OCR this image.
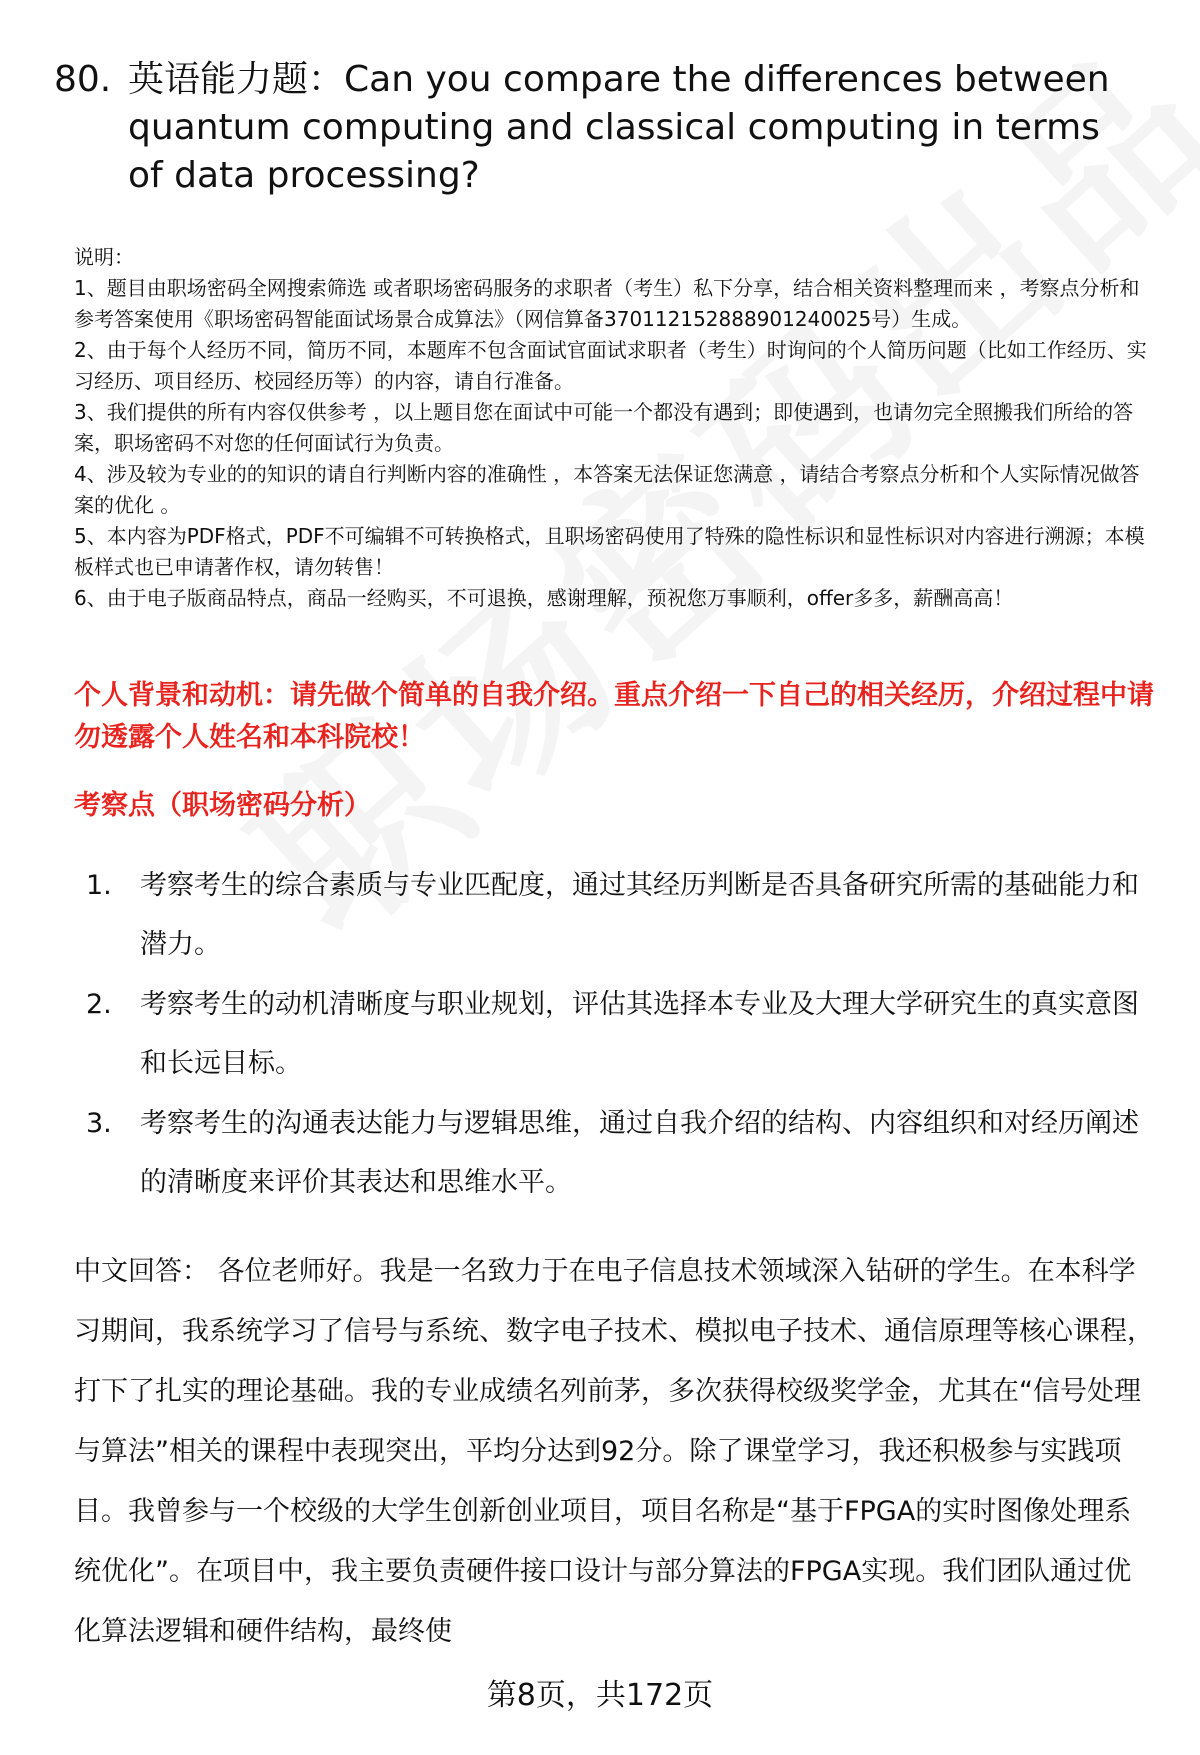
80. 英语能力题：Can you compare the differences between quantum computing and classical computing in terms of data processing?

说明：

1、题目由职场密码全网搜索筛选 或者职场密码服务的求职者（考生）私下分享，结合相关资料整理而来 ，考察点分析和参考答案使用《职场密码智能面试场景合成算法》（网信算备370112152888901240025号）生成。

2、由于每个人经历不同，简历不同，本题库不包含面试官面试求职者（考生）时询问的个人简历问题（比如工作经历、实习经历、项目经历、校园经历等）的内容，请自行准备。

3、我们提供的所有内容仅供参考 ，以上题目您在面试中可能一个都没有遇到；即使遇到，也请勿完全照搬我们所给的答案，职场密码不对您的任何面试行为负责。

4、涉及较为专业的的知识的请自行判断内容的准确性 ，本答案无法保证您满意 ，请结合考察点分析和个人实际情况做答案的优化 。

5、本内容为PDF格式，PDF不可编辑不可转换格式，且职场密码使用了特殊的隐性标识和显性标识对内容进行溯源；本模板样式也已申请著作权，请勿转售！

6、由于电子版商品特点，商品一经购买，不可退换，感谢理解，预祝您万事顺利，offer多多，薪酬高高！

个人背景和动机：请先做个简单的自我介绍。重点介绍一下自己的相关经历，介绍过程中请勿透露个人姓名和本科院校！
考察点（职场密码分析）
1.	考察考生的综合素质与专业匹配度，通过其经历判断是否具备研究所需的基础能力和潜力。
2.	考察考生的动机清晰度与职业规划，评估其选择本专业及大理大学研究生的真实意图和长远目标。
3.	考察考生的沟通表达能力与逻辑思维，通过自我介绍的结构、内容组织和对经历阐述的清晰度来评价其表达和思维水平。

中文回答： 各位老师好。我是一名致力于在电子信息技术领域深入钻研的学生。在本科学习期间，我系统学习了信号与系统、数字电子技术、模拟电子技术、通信原理等核心课程，打下了扎实的理论基础。我的专业成绩名列前茅，多次获得校级奖学金，尤其在“信号处理与算法”相关的课程中表现突出，平均分达到92分。除了课堂学习，我还积极参与实践项目。我曾参与一个校级的大学生创新创业项目，项目名称是“基于FPGA的实时图像处理系统优化”。在项目中，我主要负责硬件接口设计与部分算法的FPGA实现。我们团队通过优化算法逻辑和硬件结构，最终使

第8页，共172页
